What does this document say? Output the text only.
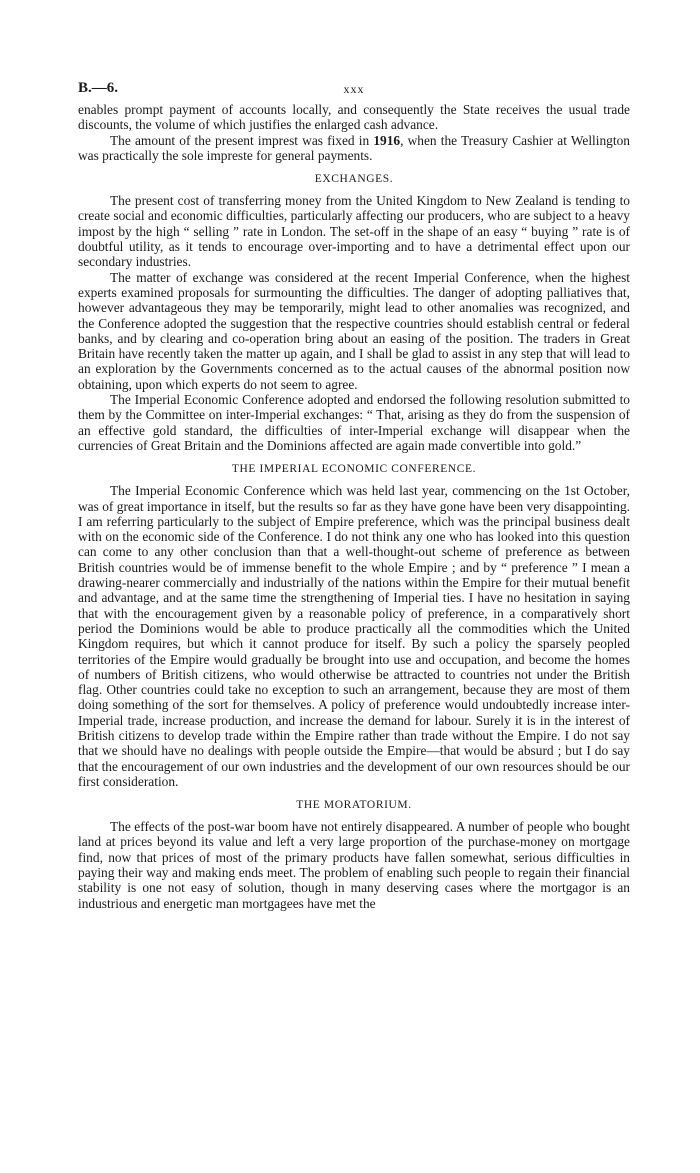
B.—6.	xxx

enables prompt payment of accounts locally, and consequently the State receives the usual trade discounts, the volume of which justifies the enlarged cash advance.

The amount of the present imprest was fixed in 1916, when the Treasury Cashier at Wellington was practically the sole impreste for general payments.

EXCHANGES.

The present cost of transferring money from the United Kingdom to New Zealand is tending to create social and economic difficulties, particularly affecting our producers, who are subject to a heavy impost by the high “ selling ” rate in London. The set-off in the shape of an easy “ buying ” rate is of doubtful utility, as it tends to encourage over-importing and to have a detrimental effect upon our secondary industries.

The matter of exchange was considered at the recent Imperial Conference, when the highest experts examined proposals for surmounting the difficulties. The danger of adopting palliatives that, however advantageous they may be temporarily, might lead to other anomalies was recognized, and the Conference adopted the suggestion that the respective countries should establish central or federal banks, and by clearing and co-operation bring about an easing of the position. The traders in Great Britain have recently taken the matter up again, and I shall be glad to assist in any step that will lead to an exploration by the Governments concerned as to the actual causes of the abnormal position now obtaining, upon which experts do not seem to agree.

The Imperial Economic Conference adopted and endorsed the following resolution submitted to them by the Committee on inter-Imperial exchanges: “ That, arising as they do from the suspension of an effective gold standard, the difficulties of inter-Imperial exchange will disappear when the currencies of Great Britain and the Dominions affected are again made convertible into gold.”

THE IMPERIAL ECONOMIC CONFERENCE.

The Imperial Economic Conference which was held last year, commencing on the 1st October, was of great importance in itself, but the results so far as they have gone have been very disappointing. I am referring particularly to the subject of Empire preference, which was the principal business dealt with on the economic side of the Conference. I do not think any one who has looked into this question can come to any other conclusion than that a well-thought-out scheme of preference as between British countries would be of immense benefit to the whole Empire ; and by “ preference ” I mean a drawing-nearer commercially and industrially of the nations within the Empire for their mutual benefit and advantage, and at the same time the strengthening of Imperial ties. I have no hesitation in saying that with the encouragement given by a reasonable policy of preference, in a comparatively short period the Dominions would be able to produce practically all the commodities which the United Kingdom requires, but which it cannot produce for itself. By such a policy the sparsely peopled territories of the Empire would gradually be brought into use and occupation, and become the homes of numbers of British citizens, who would otherwise be attracted to countries not under the British flag. Other countries could take no exception to such an arrangement, because they are most of them doing something of the sort for themselves. A policy of preference would undoubtedly increase inter-Imperial trade, increase production, and increase the demand for labour. Surely it is in the interest of British citizens to develop trade within the Empire rather than trade without the Empire. I do not say that we should have no dealings with people outside the Empire—that would be absurd ; but I do say that the encouragement of our own industries and the development of our own resources should be our first consideration.

THE MORATORIUM.

The effects of the post-war boom have not entirely disappeared. A number of people who bought land at prices beyond its value and left a very large proportion of the purchase-money on mortgage find, now that prices of most of the primary products have fallen somewhat, serious difficulties in paying their way and making ends meet. The problem of enabling such people to regain their financial stability is one not easy of solution, though in many deserving cases where the mortgagor is an industrious and energetic man mortgagees have met the
